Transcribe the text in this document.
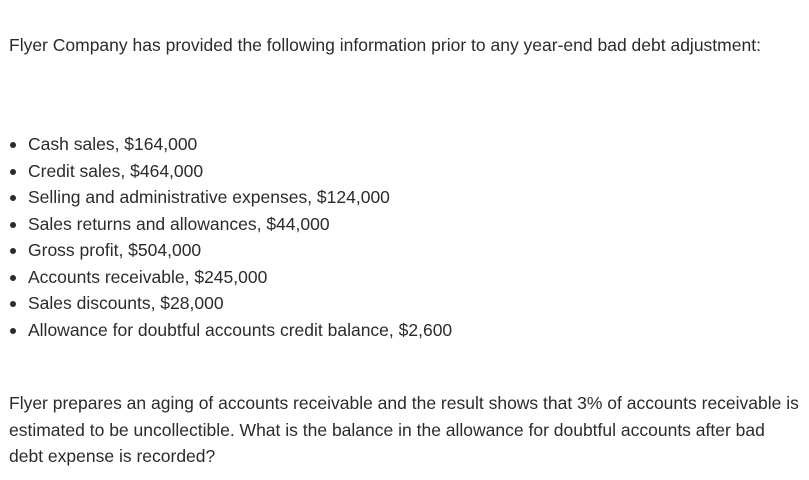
Flyer Company has provided the following information prior to any year-end bad debt adjustment:

Cash sales, $164,000
Credit sales, $464,000
Selling and administrative expenses, $124,000
Sales returns and allowances, $44,000
Gross profit, $504,000
Accounts receivable, $245,000
Sales discounts, $28,000
Allowance for doubtful accounts credit balance, $2,600

Flyer prepares an aging of accounts receivable and the result shows that 3% of accounts receivable is estimated to be uncollectible. What is the balance in the allowance for doubtful accounts after bad debt expense is recorded?
